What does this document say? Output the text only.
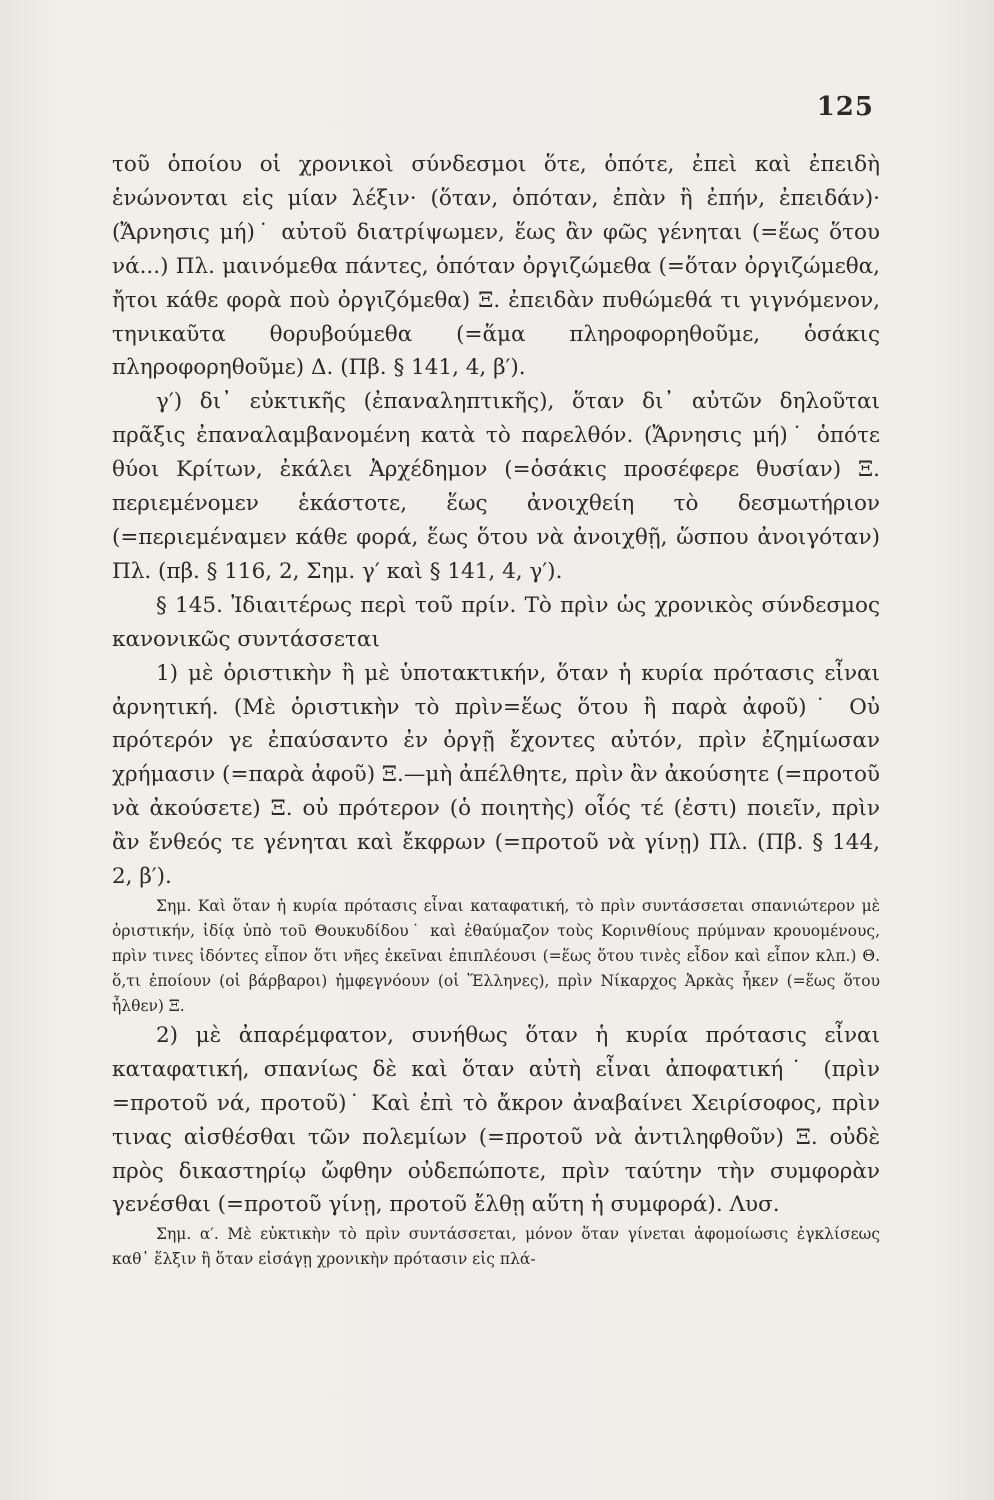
125

τοῦ ὁποίου οἱ χρονικοὶ σύνδεσμοι ὅτε, ὁπότε, ἐπεὶ καὶ ἐπειδὴ ἑνώνονται εἰς μίαν λέξιν· (ὅταν, ὁπόταν, ἐπὰν ἢ ἐπήν, ἐπειδάν)· (Ἄρνησις μή)˙ αὐτοῦ διατρίψωμεν, ἕως ἂν φῶς γένηται (=ἕως ὅτου νά...) Πλ. μαινόμεθα πάντες, ὁπόταν ὀργιζώμεθα (=ὅταν ὀργιζώμεθα, ἤτοι κάθε φορὰ ποὺ ὀργιζόμεθα) Ξ. ἐπειδὰν πυθώμεθά τι γιγνόμενον, τηνικαῦτα θορυβούμεθα (=ἅμα πληροφορηθοῦμε, ὁσάκις πληροφορηθοῦμε) Δ. (Πβ. § 141, 4, β′).

γ′) δι᾿ εὐκτικῆς (ἐπαναληπτικῆς), ὅταν δι᾿ αὐτῶν δηλοῦται πρᾶξις ἐπαναλαμβανομένη κατὰ τὸ παρελθόν. (Ἄρνησις μή)˙ ὁπότε θύοι Κρίτων, ἐκάλει Ἀρχέδημον (=ὁσάκις προσέφερε θυσίαν) Ξ. περιεμένομεν ἑκάστοτε, ἕως ἀνοιχθείη τὸ δεσμωτήριον (=περιεμέναμεν κάθε φορά, ἕως ὅτου νὰ ἀνοιχθῇ, ὥσπου ἀνοιγόταν) Πλ. (πβ. § 116, 2, Σημ. γ′ καὶ § 141, 4, γ′).

§ 145. Ἰδιαιτέρως περὶ τοῦ πρίν. Τὸ πρὶν ὡς χρονικὸς σύνδεσμος κανονικῶς συντάσσεται

1) μὲ ὁριστικὴν ἢ μὲ ὑποτακτικήν, ὅταν ἡ κυρία πρότασις εἶναι ἀρνητική. (Μὲ ὁριστικὴν τὸ πρὶν=ἕως ὅτου ἢ παρὰ ἀφοῦ)˙ Οὐ πρότερόν γε ἐπαύσαντο ἐν ὀργῇ ἔχοντες αὐτόν, πρὶν ἐζημίωσαν χρήμασιν (=παρὰ ἀφοῦ) Ξ.—μὴ ἀπέλθητε, πρὶν ἂν ἀκούσητε (=προτοῦ νὰ ἀκούσετε) Ξ. οὐ πρότερον (ὁ ποιητὴς) οἷός τέ (ἐστι) ποιεῖν, πρὶν ἂν ἔνθεός τε γένηται καὶ ἔκφρων (=προτοῦ νὰ γίνῃ) Πλ. (Πβ. § 144, 2, β′).

Σημ. Καὶ ὅταν ἡ κυρία πρότασις εἶναι καταφατική, τὸ πρὶν συντάσσεται σπανιώτερον μὲ ὁριστικήν, ἰδίᾳ ὑπὸ τοῦ Θουκυδίδου˙ καὶ ἐθαύμαζον τοὺς Κορινθίους πρύμναν κρουομένους, πρὶν τινες ἰδόντες εἶπον ὅτι νῆες ἐκεῖναι ἐπιπλέουσι (=ἕως ὅτου τινὲς εἶδον καὶ εἶπον κλπ.) Θ. ὅ,τι ἐποίουν (οἱ βάρβαροι) ἠμφεγνόουν (οἱ Ἕλληνες), πρὶν Νίκαρχος Ἀρκὰς ἧκεν (=ἕως ὅτου ἦλθεν) Ξ.

2) μὲ ἀπαρέμφατον, συνήθως ὅταν ἡ κυρία πρότασις εἶναι καταφατική, σπανίως δὲ καὶ ὅταν αὐτὴ εἶναι ἀποφατική˙ (πρὶν =προτοῦ νά, προτοῦ)˙ Καὶ ἐπὶ τὸ ἄκρον ἀναβαίνει Χειρίσοφος, πρὶν τινας αἰσθέσθαι τῶν πολεμίων (=προτοῦ νὰ ἀντιληφθοῦν) Ξ. οὐδὲ πρὸς δικαστηρίῳ ὤφθην οὐδεπώποτε, πρὶν ταύτην τὴν συμφορὰν γενέσθαι (=προτοῦ γίνῃ, προτοῦ ἔλθῃ αὕτη ἡ συμφορά). Λυσ.

Σημ. α′. Μὲ εὐκτικὴν τὸ πρὶν συντάσσεται, μόνον ὅταν γίνεται ἀφομοίωσις ἐγκλίσεως καθ᾿ ἕλξιν ἢ ὅταν εἰσάγῃ χρονικὴν πρότασιν εἰς πλά-
